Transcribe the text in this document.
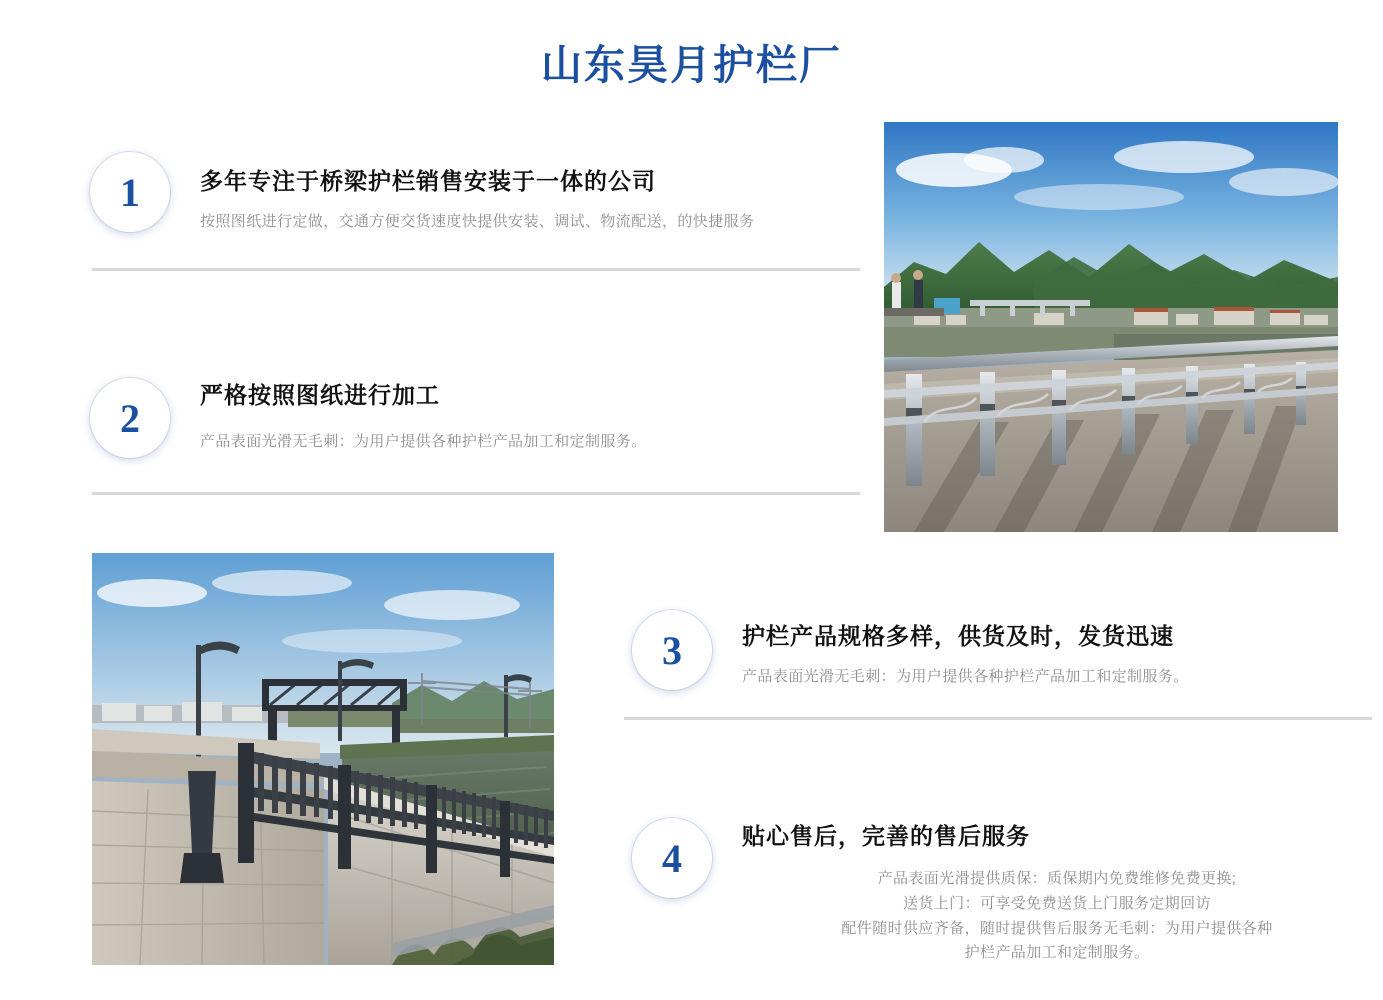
山东昊月护栏厂
1	多年专注于桥梁护栏销售安装于一体的公司
按照图纸进行定做，交通方便交货速度快提供安装、调试、物流配送，的快捷服务
2
严格按照图纸进行加工
产品表面光滑无毛刺：为用户提供各种护栏产品加工和定制服务。
3	护栏产品规格多样，供货及时，发货迅速
产品表面光滑无毛刺：为用户提供各种护栏产品加工和定制服务。
4	贴心售后，完善的售后服务
产品表面光滑提供质保：质保期内免费维修免费更换;
送货上门：可享受免费送货上门服务定期回访
配件随时供应齐备，随时提供售后服务无毛刺：为用户提供各种
护栏产品加工和定制服务。
